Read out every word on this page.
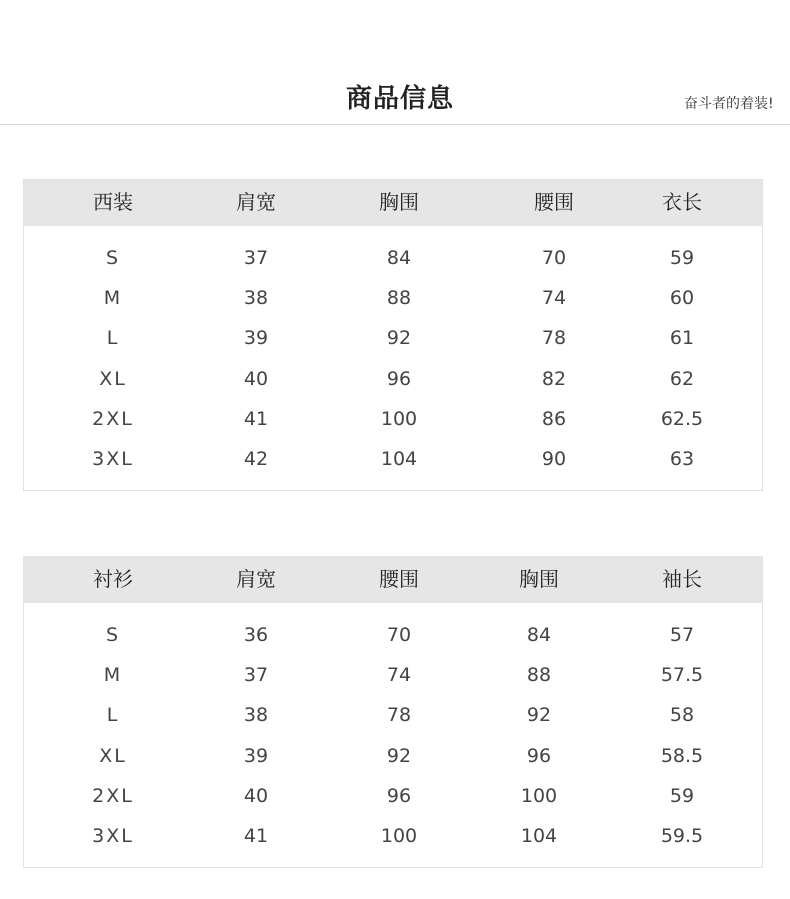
商品信息	奋斗者的着装!
西装	肩宽	胸围	腰围	衣长
S	37	84	70	59
M	38	88	74	60
L	39	92	78	61
XL	40	96	82	62
2XL	41	100	86	62.5
3XL	42	104	90	63
衬衫	肩宽	腰围	胸围	袖长
S	36	70	84	57
M	37	74	88	57.5
L	38	78	92	58
XL	39	92	96	58.5
2XL	40	96	100	59
3XL	41	100	104	59.5
